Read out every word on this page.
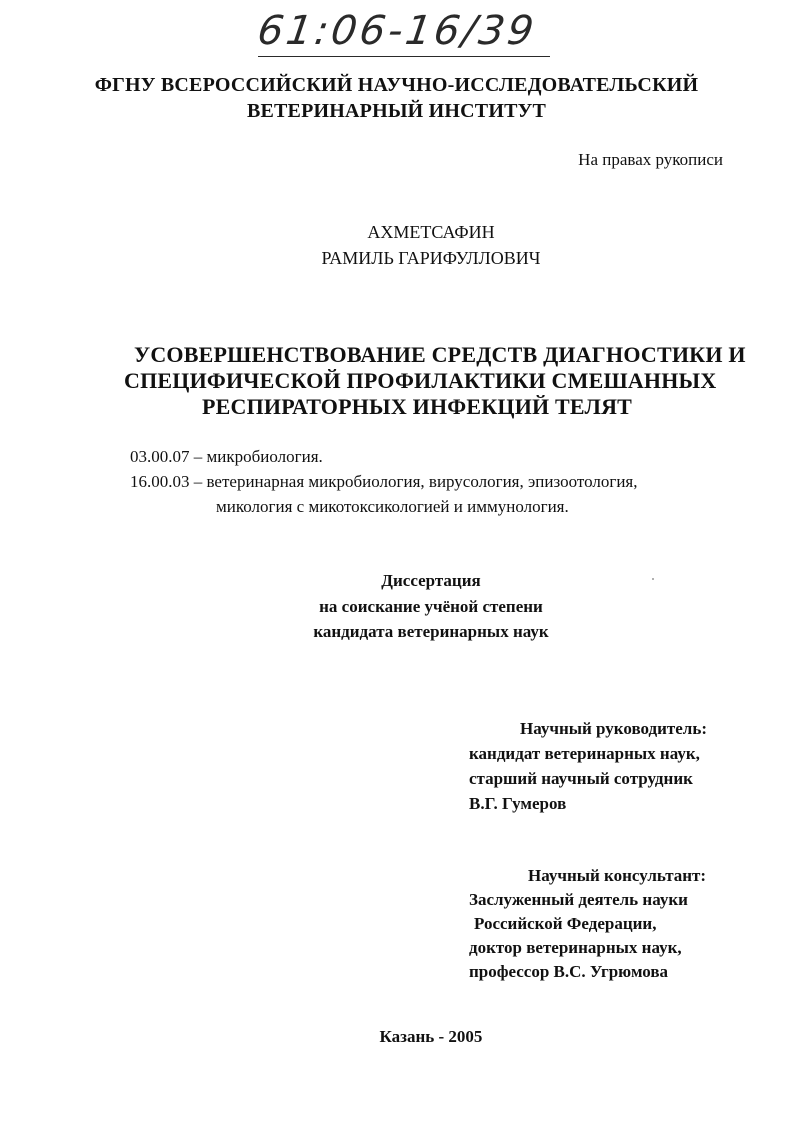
61:06-16/39
ФГНУ ВСЕРОССИЙСКИЙ НАУЧНО-ИССЛЕДОВАТЕЛЬСКИЙ
ВЕТЕРИНАРНЫЙ ИНСТИТУТ
На правах рукописи
АХМЕТСАФИН
РАМИЛЬ ГАРИФУЛЛОВИЧ
УСОВЕРШЕНСТВОВАНИЕ СРЕДСТВ ДИАГНОСТИКИ И
СПЕЦИФИЧЕСКОЙ ПРОФИЛАКТИКИ СМЕШАННЫХ
РЕСПИРАТОРНЫХ ИНФЕКЦИЙ ТЕЛЯТ
03.00.07 – микробиология.
16.00.03 – ветеринарная микробиология, вирусология, эпизоотология,
микология с микотоксикологией и иммунология.
Диссертация
на соискание учёной степени
кандидата ветеринарных наук
Научный руководитель:
кандидат ветеринарных наук,
старший научный сотрудник
В.Г. Гумеров
Научный консультант:
Заслуженный деятель науки
Российской Федерации,
доктор ветеринарных наук,
профессор В.С. Угрюмова
Казань - 2005
